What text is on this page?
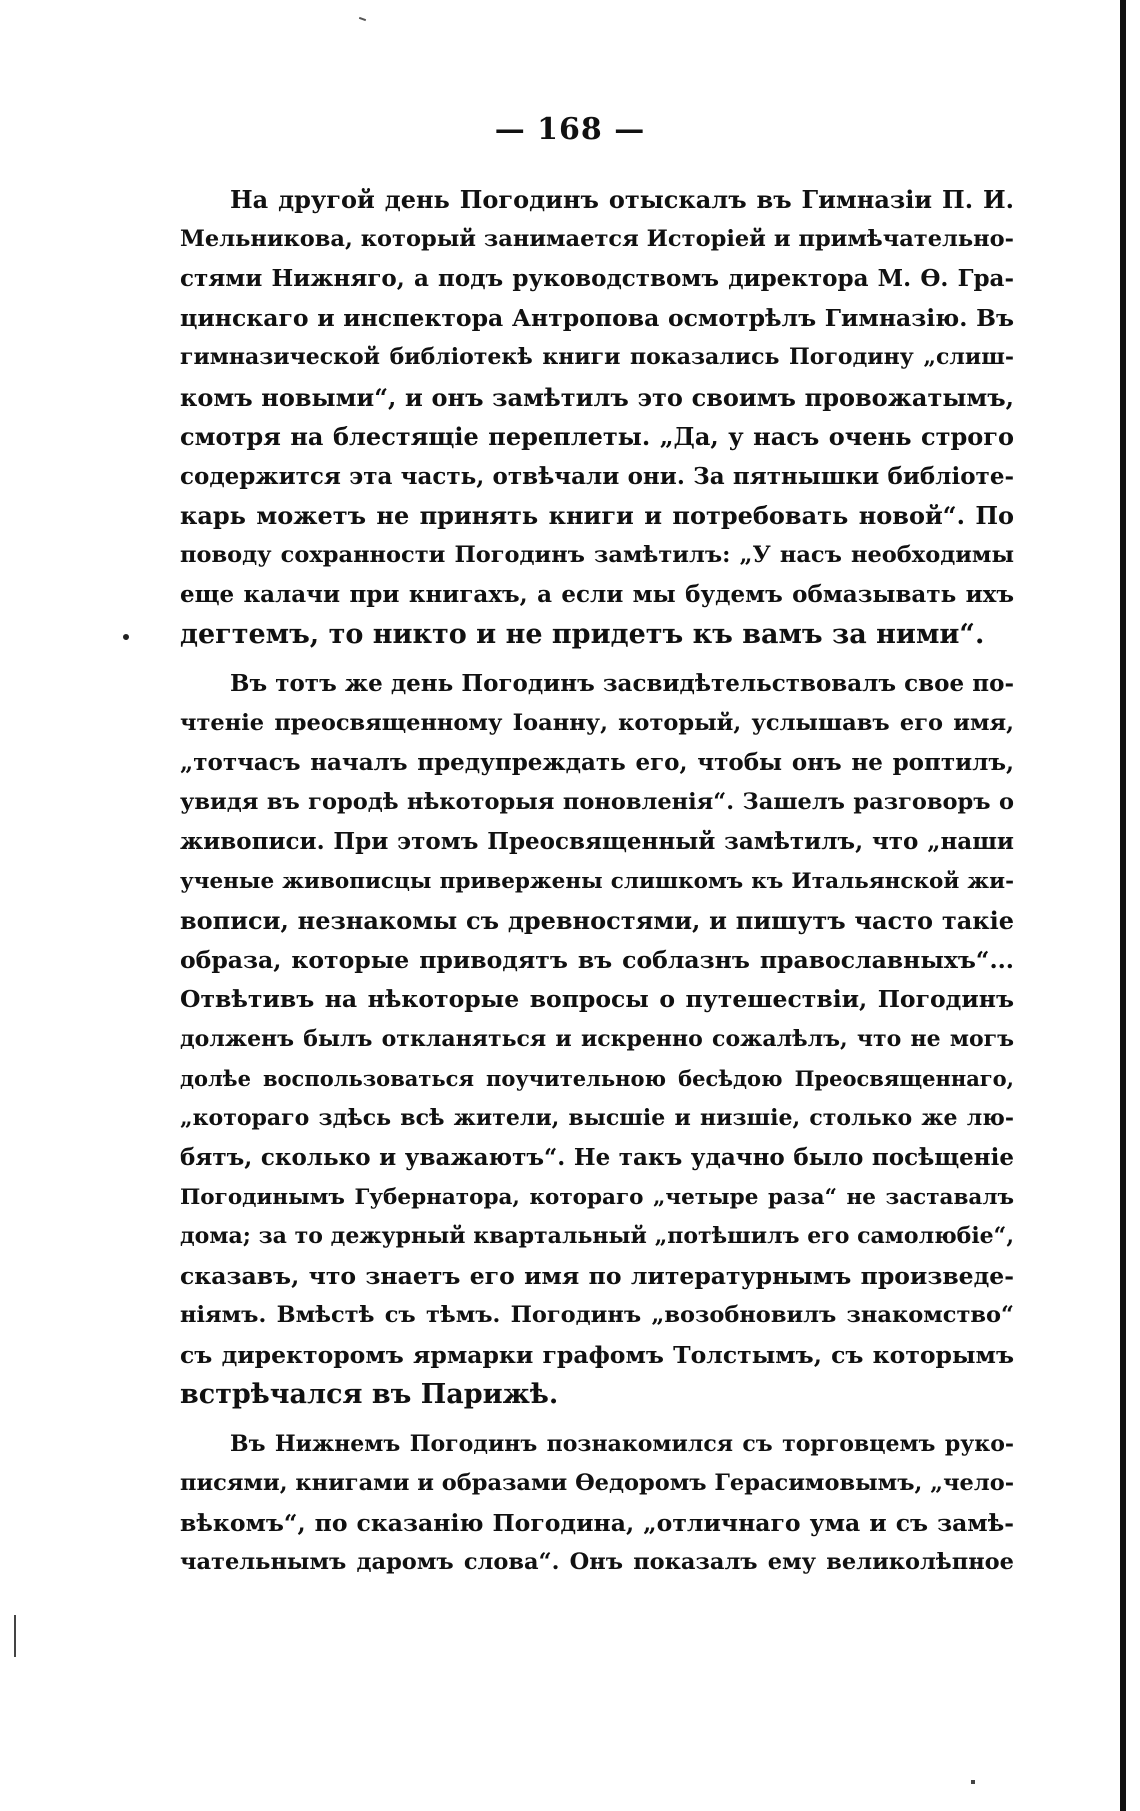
— 168 —
На другой день Погодинъ отыскалъ въ Гимназіи П. И.
Мельникова, который занимается Исторіей и примѣчательно-
стями Нижняго, а подъ руководствомъ директора М. Ѳ. Гра-
цинскаго и инспектора Антропова осмотрѣлъ Гимназію. Въ
гимназической библіотекѣ книги показались Погодину „слиш-
комъ новыми“, и онъ замѣтилъ это своимъ провожатымъ,
смотря на блестящіе переплеты. „Да, у насъ очень строго
содержится эта часть, отвѣчали они. За пятнышки библіоте-
карь можетъ не принять книги и потребовать новой“. По
поводу сохранности Погодинъ замѣтилъ: „У насъ необходимы
еще калачи при книгахъ, а если мы будемъ обмазывать ихъ
дегтемъ, то никто и не придетъ къ вамъ за ними“.
Въ тотъ же день Погодинъ засвидѣтельствовалъ свое по-
чтеніе преосвященному Іоанну, который, услышавъ его имя,
„тотчасъ началъ предупреждать его, чтобы онъ не роптилъ,
увидя въ городѣ нѣкоторыя поновленія“. Зашелъ разговоръ о
живописи. При этомъ Преосвященный замѣтилъ, что „наши
ученые живописцы привержены слишкомъ къ Итальянской жи-
вописи, незнакомы съ древностями, и пишутъ часто такіе
образа, которые приводятъ въ соблазнъ православныхъ“...
Отвѣтивъ на нѣкоторые вопросы о путешествіи, Погодинъ
долженъ былъ откланяться и искренно сожалѣлъ, что не могъ
долѣе воспользоваться поучительною бесѣдою Преосвященнаго,
„котораго здѣсь всѣ жители, высшіе и низшіе, столько же лю-
бятъ, сколько и уважаютъ“. Не такъ удачно было посѣщеніе
Погодинымъ Губернатора, котораго „четыре раза“ не заставалъ
дома; за то дежурный квартальный „потѣшилъ его самолюбіе“,
сказавъ, что знаетъ его имя по литературнымъ произведе-
ніямъ. Вмѣстѣ съ тѣмъ. Погодинъ „возобновилъ знакомство“
съ директоромъ ярмарки графомъ Толстымъ, съ которымъ
встрѣчался въ Парижѣ.
Въ Нижнемъ Погодинъ познакомился съ торговцемъ руко-
писями, книгами и образами Ѳедоромъ Герасимовымъ, „чело-
вѣкомъ“, по сказанію Погодина, „отличнаго ума и съ замѣ-
чательнымъ даромъ слова“. Онъ показалъ ему великолѣпное
